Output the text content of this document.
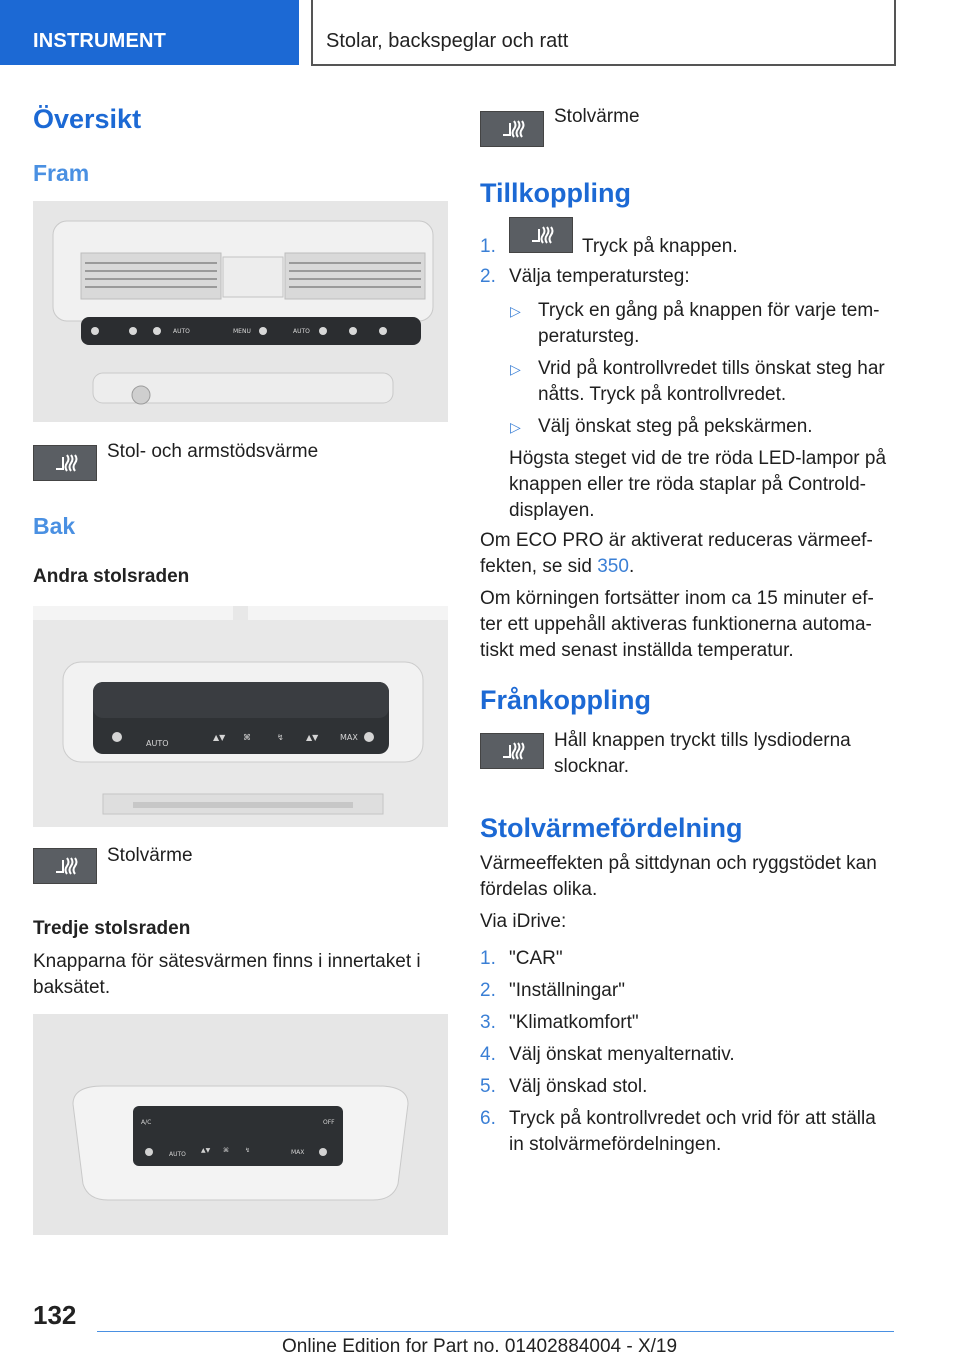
INSTRUMENT	Stolar, backspeglar och ratt
Översikt
Fram
AUTO	MENU	AUTO
Stol- och armstödsvärme
Bak
Andra stolsraden
AUTO
▲▼ ⌘	↯	▲▼	MAX
Stolvärme
Tredje stolsraden
Knapparna för sätesvärmen finns i innertaket i
baksätet.
A/C	OFF
AUTO
▲▼ ⌘	↯	MAX
Stolvärme
Tillkoppling
1.	Tryck på knappen.
2. Välja temperatursteg:
▷ Tryck en gång på knappen för varje tem-
peratursteg.
▷ Vrid på kontrollvredet tills önskat steg har
nåtts. Tryck på kontrollvredet.
▷ Välj önskat steg på pekskärmen.
Högsta steget vid de tre röda LED-lampor på
knappen eller tre röda staplar på Controld-
displayen.
Om ECO PRO är aktiverat reduceras värmeef-
fekten, se sid 350.
Om körningen fortsätter inom ca 15 minuter ef-
ter ett uppehåll aktiveras funktionerna automa-
tiskt med senast inställda temperatur.
Frånkoppling
Håll knappen tryckt tills lysdioderna
slocknar.
Stolvärmefördelning
Värmeeffekten på sittdynan och ryggstödet kan
fördelas olika.
Via iDrive:
1. "CAR"
2. "Inställningar"
3. "Klimatkomfort"
4. Välj önskat menyalternativ.
5. Välj önskad stol.
6. Tryck på kontrollvredet och vrid för att ställa
in stolvärmefördelningen.
132
Online Edition for Part no. 01402884004 - X/19
